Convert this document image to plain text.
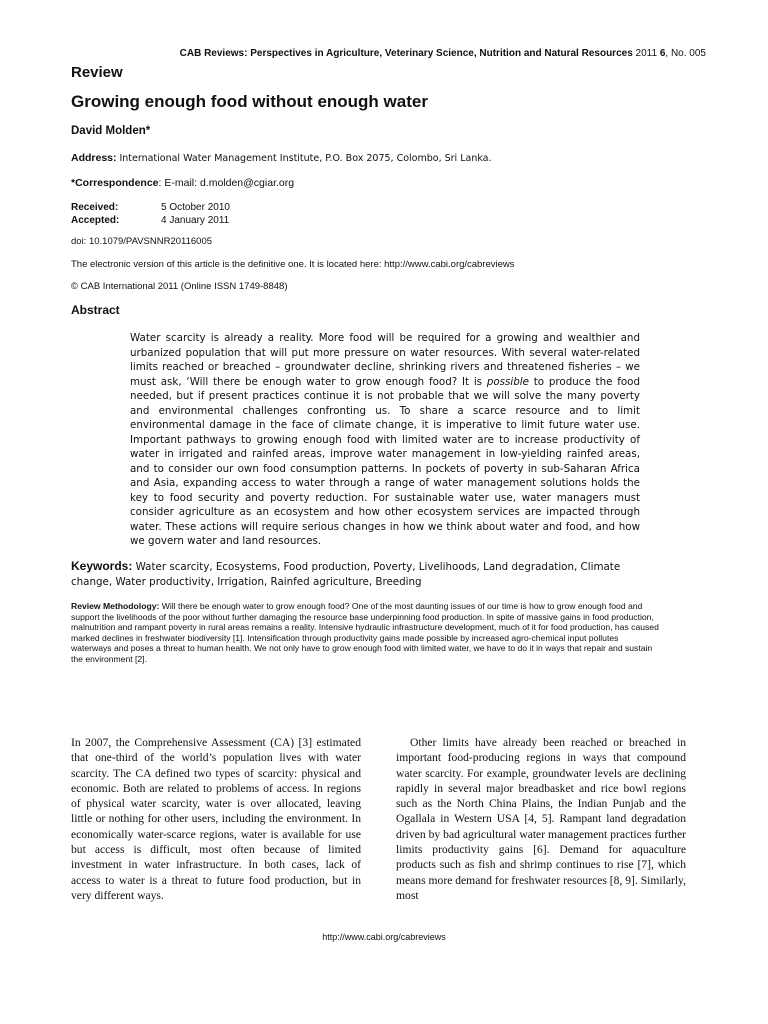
CAB Reviews: Perspectives in Agriculture, Veterinary Science, Nutrition and Natural Resources 2011 6, No. 005
Review
Growing enough food without enough water
David Molden*
Address: International Water Management Institute, P.O. Box 2075, Colombo, Sri Lanka.
*Correspondence: E-mail: d.molden@cgiar.org
Received:	5 October 2010
Accepted:	4 January 2011
doi: 10.1079/PAVSNNR20116005
The electronic version of this article is the definitive one. It is located here: http://www.cabi.org/cabreviews
© CAB International 2011 (Online ISSN 1749-8848)
Abstract

Water scarcity is already a reality. More food will be required for a growing and wealthier and urbanized population that will put more pressure on water resources. With several water-related limits reached or breached – groundwater decline, shrinking rivers and threatened fisheries – we must ask, ‘Will there be enough water to grow enough food? It is possible to produce the food needed, but if present practices continue it is not probable that we will solve the many poverty and environmental challenges confronting us. To share a scarce resource and to limit environmental damage in the face of climate change, it is imperative to limit future water use. Important pathways to growing enough food with limited water are to increase productivity of water in irrigated and rainfed areas, improve water management in low-yielding rainfed areas, and to consider our own food consumption patterns. In pockets of poverty in sub-Saharan Africa and Asia, expanding access to water through a range of water management solutions holds the key to food security and poverty reduction. For sustainable water use, water managers must consider agriculture as an ecosystem and how other ecosystem services are impacted through water. These actions will require serious changes in how we think about water and food, and how we govern water and land resources.

Keywords: Water scarcity, Ecosystems, Food production, Poverty, Livelihoods, Land degradation, Climate change, Water productivity, Irrigation, Rainfed agriculture, Breeding

Review Methodology: Will there be enough water to grow enough food? One of the most daunting issues of our time is how to grow enough food and support the livelihoods of the poor without further damaging the resource base underpinning food production. In spite of massive gains in food production, malnutrition and rampant poverty in rural areas remains a reality. Intensive hydraulic infrastructure development, much of it for food production, has caused marked declines in freshwater biodiversity [1]. Intensification through productivity gains made possible by increased agro-chemical input pollutes waterways and poses a threat to human health. We not only have to grow enough food with limited water, we have to do it in ways that repair and sustain the environment [2].

In 2007, the Comprehensive Assessment (CA) [3] estimated that one-third of the world’s population lives with water scarcity. The CA defined two types of scarcity: physical and economic. Both are related to problems of access. In regions of physical water scarcity, water is over allocated, leaving little or nothing for other users, including the environment. In economically water-scarce regions, water is available for use but access is difficult, most often because of limited investment in water infrastructure. In both cases, lack of access to water is a threat to future food production, but in very different ways.

Other limits have already been reached or breached in important food-producing regions in ways that compound water scarcity. For example, groundwater levels are declining rapidly in several major breadbasket and rice bowl regions such as the North China Plains, the Indian Punjab and the Ogallala in Western USA [4, 5]. Rampant land degradation driven by bad agricultural water management practices further limits productivity gains [6]. Demand for aquaculture products such as fish and shrimp continues to rise [7], which means more demand for freshwater resources [8, 9]. Similarly, most

http://www.cabi.org/cabreviews
